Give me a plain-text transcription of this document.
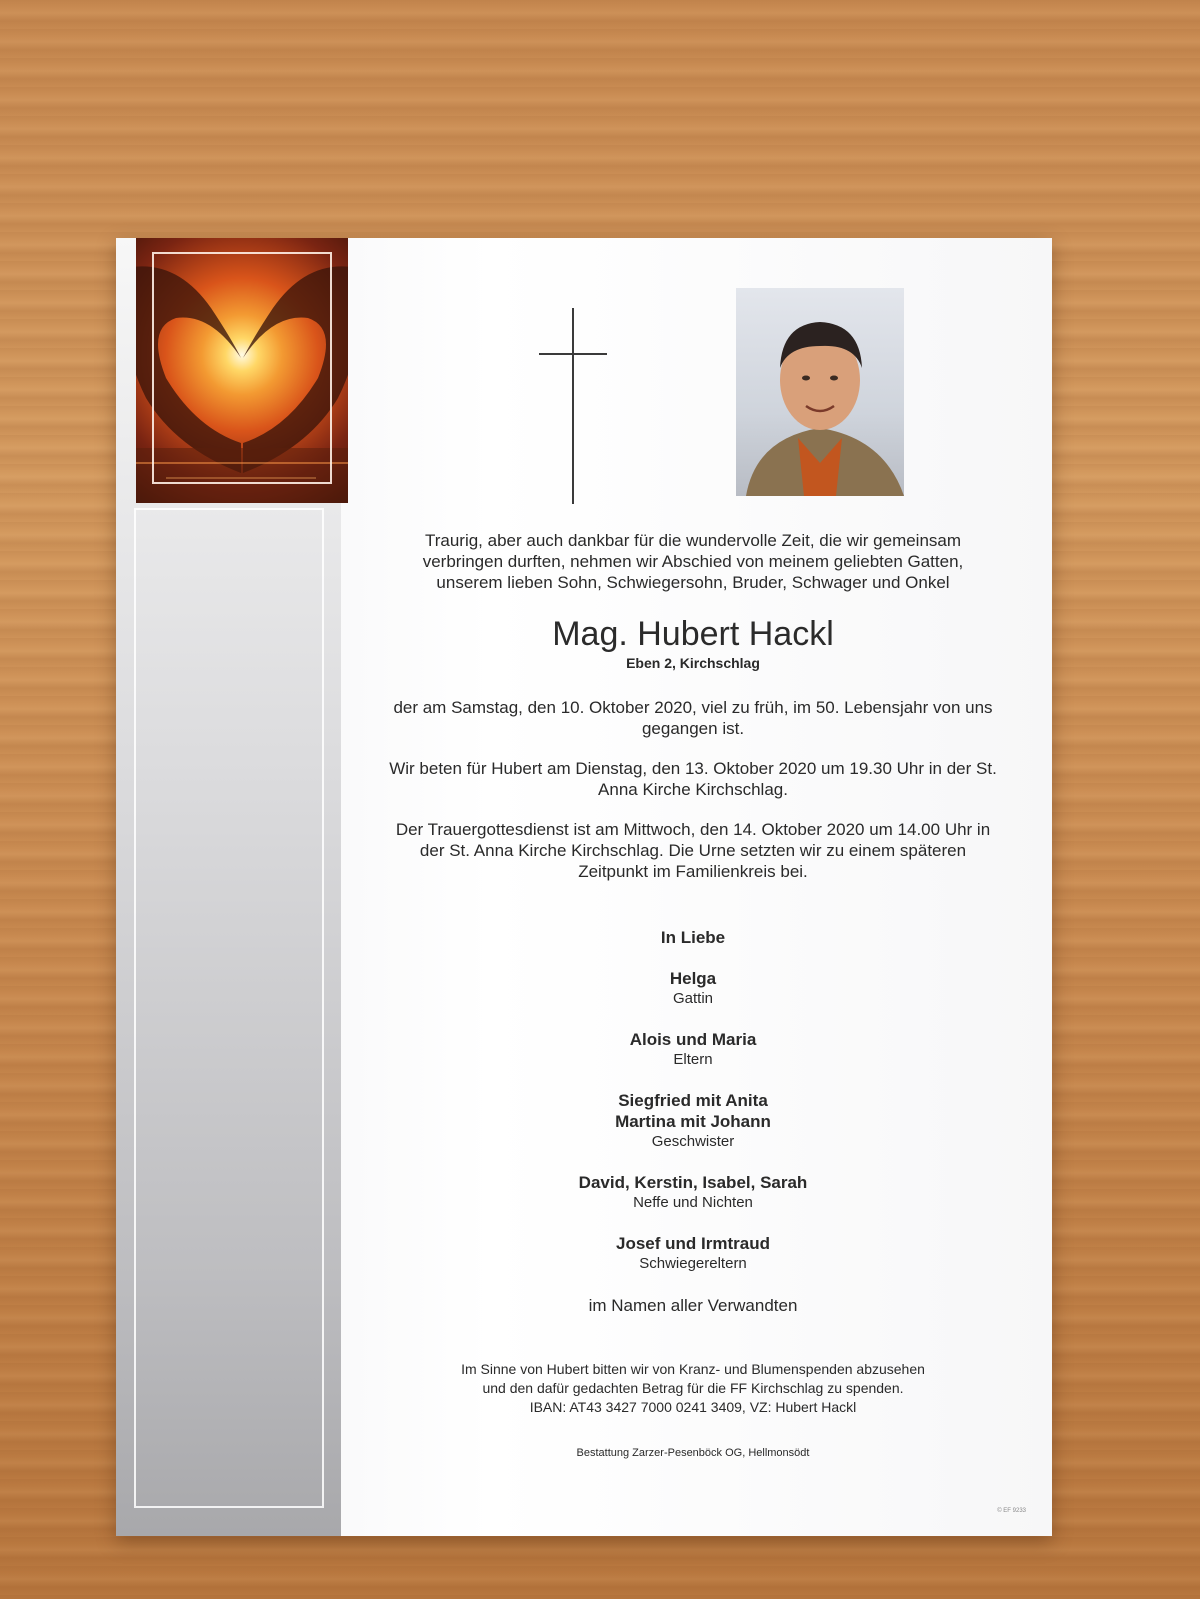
Traurig, aber auch dankbar für die wundervolle Zeit, die wir gemeinsam verbringen durften, nehmen wir Abschied von meinem geliebten Gatten, unserem lieben Sohn, Schwiegersohn, Bruder, Schwager und Onkel

Mag. Hubert Hackl

Eben 2, Kirchschlag

der am Samstag, den 10. Oktober 2020, viel zu früh, im 50. Lebensjahr von uns gegangen ist.

Wir beten für Hubert am Dienstag, den 13. Oktober 2020 um 19.30 Uhr in der St. Anna Kirche Kirchschlag.

Der Trauergottesdienst ist am Mittwoch, den 14. Oktober 2020 um 14.00 Uhr in der St. Anna Kirche Kirchschlag. Die Urne setzten wir zu einem späteren Zeitpunkt im Familienkreis bei.

In Liebe

Helga

Gattin

Alois und Maria

Eltern

Siegfried mit Anita

Martina mit Johann

Geschwister

David, Kerstin, Isabel, Sarah

Neffe und Nichten

Josef und Irmtraud

Schwiegereltern

im Namen aller Verwandten

Im Sinne von Hubert bitten wir von Kranz- und Blumenspenden abzusehen
und den dafür gedachten Betrag für die FF Kirchschlag zu spenden.
IBAN: AT43 3427 7000 0241 3409, VZ: Hubert Hackl

Bestattung Zarzer-Pesenböck OG, Hellmonsödt

© EF 9233
